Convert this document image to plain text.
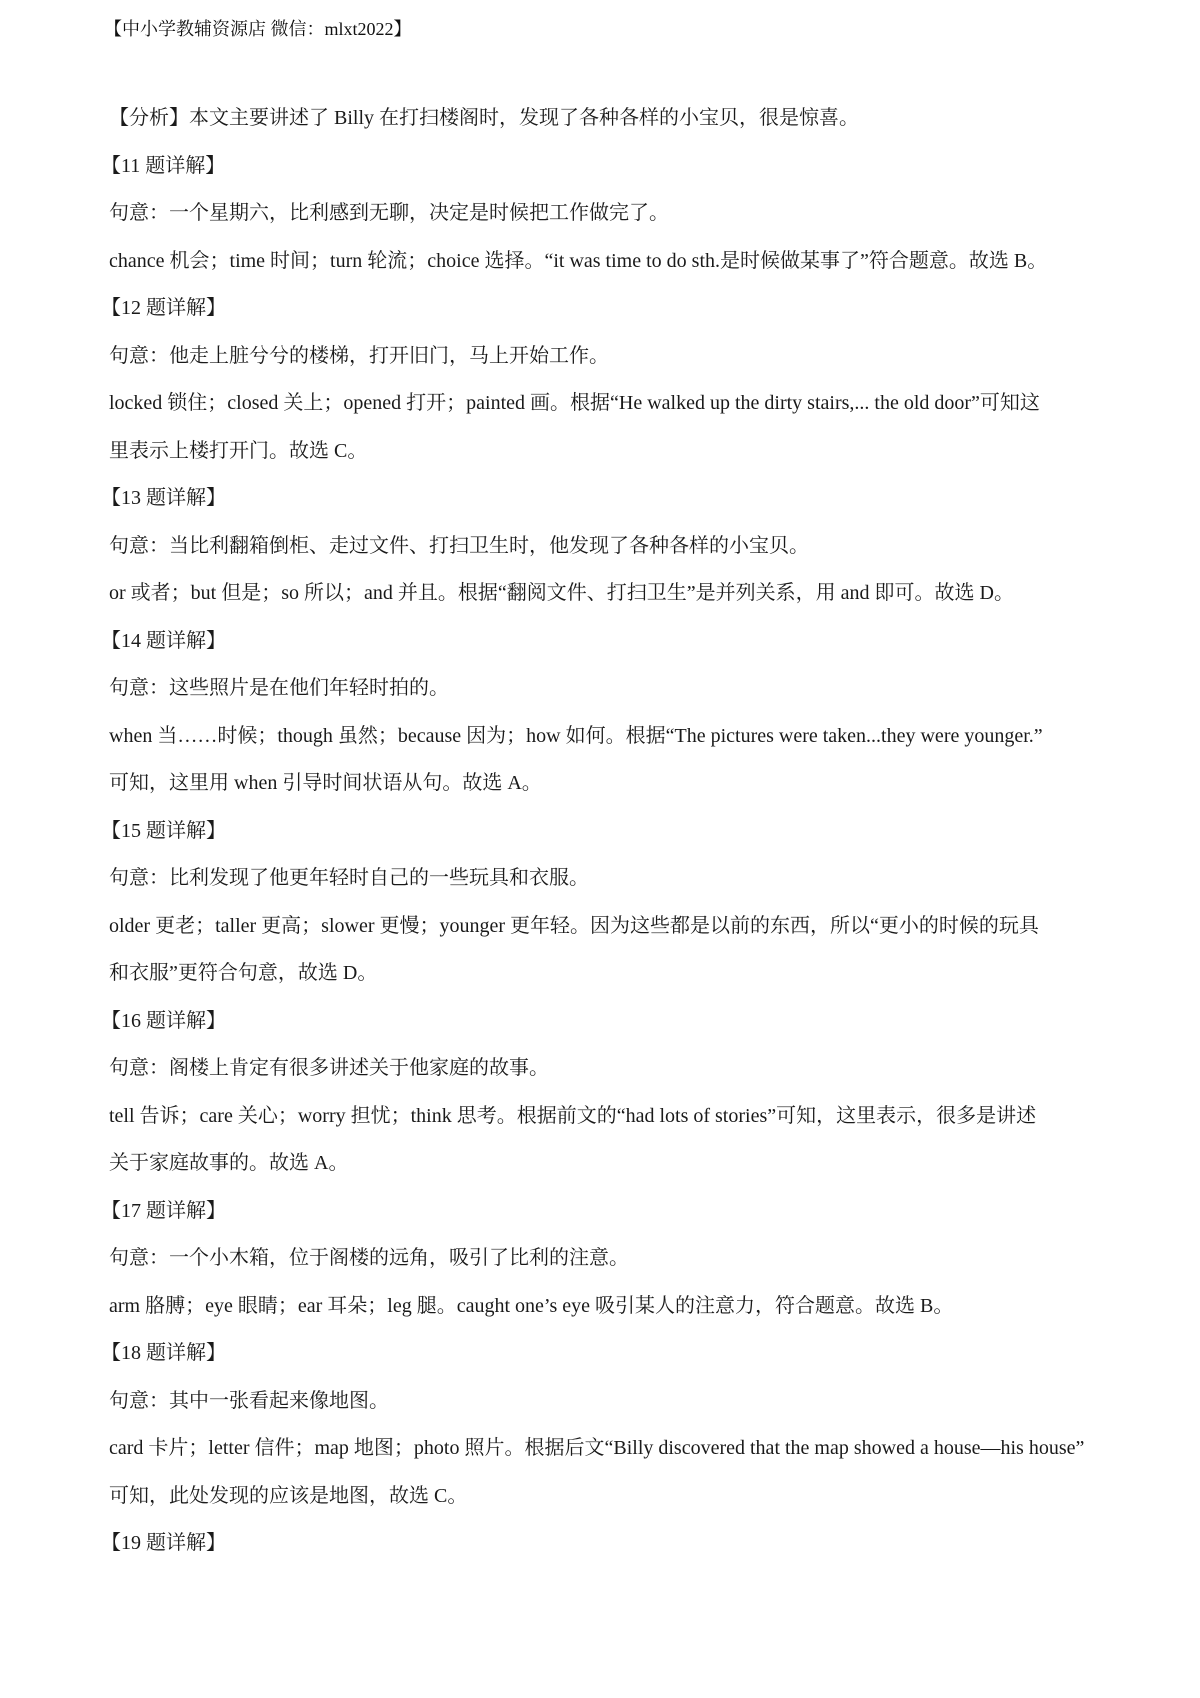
【中小学教辅资源店 微信：mlxt2022】
【分析】本文主要讲述了 Billy 在打扫楼阁时，发现了各种各样的小宝贝，很是惊喜。
【11 题详解】
句意：一个星期六，比利感到无聊，决定是时候把工作做完了。
chance 机会；time 时间；turn 轮流；choice 选择。“it was time to do sth.是时候做某事了”符合题意。故选 B。
【12 题详解】
句意：他走上脏兮兮的楼梯，打开旧门，马上开始工作。
locked 锁住；closed 关上；opened 打开；painted 画。根据“He walked up the dirty stairs,... the old door”可知这
里表示上楼打开门。故选 C。
【13 题详解】
句意：当比利翻箱倒柜、走过文件、打扫卫生时，他发现了各种各样的小宝贝。
or 或者；but 但是；so 所以；and 并且。根据“翻阅文件、打扫卫生”是并列关系，用 and 即可。故选 D。
【14 题详解】
句意：这些照片是在他们年轻时拍的。
when 当……时候；though 虽然；because 因为；how 如何。根据“The pictures were taken...they were younger.”
可知，这里用 when 引导时间状语从句。故选 A。
【15 题详解】
句意：比利发现了他更年轻时自己的一些玩具和衣服。
older 更老；taller 更高；slower 更慢；younger 更年轻。因为这些都是以前的东西，所以“更小的时候的玩具
和衣服”更符合句意，故选 D。
【16 题详解】
句意：阁楼上肯定有很多讲述关于他家庭的故事。
tell 告诉；care 关心；worry 担忧；think 思考。根据前文的“had lots of stories”可知，这里表示，很多是讲述
关于家庭故事的。故选 A。
【17 题详解】
句意：一个小木箱，位于阁楼的远角，吸引了比利的注意。
arm 胳膊；eye 眼睛；ear 耳朵；leg 腿。caught one’s eye 吸引某人的注意力，符合题意。故选 B。
【18 题详解】
句意：其中一张看起来像地图。
card 卡片；letter 信件；map 地图；photo 照片。根据后文“Billy discovered that the map showed a house—his house”
可知，此处发现的应该是地图，故选 C。
【19 题详解】
